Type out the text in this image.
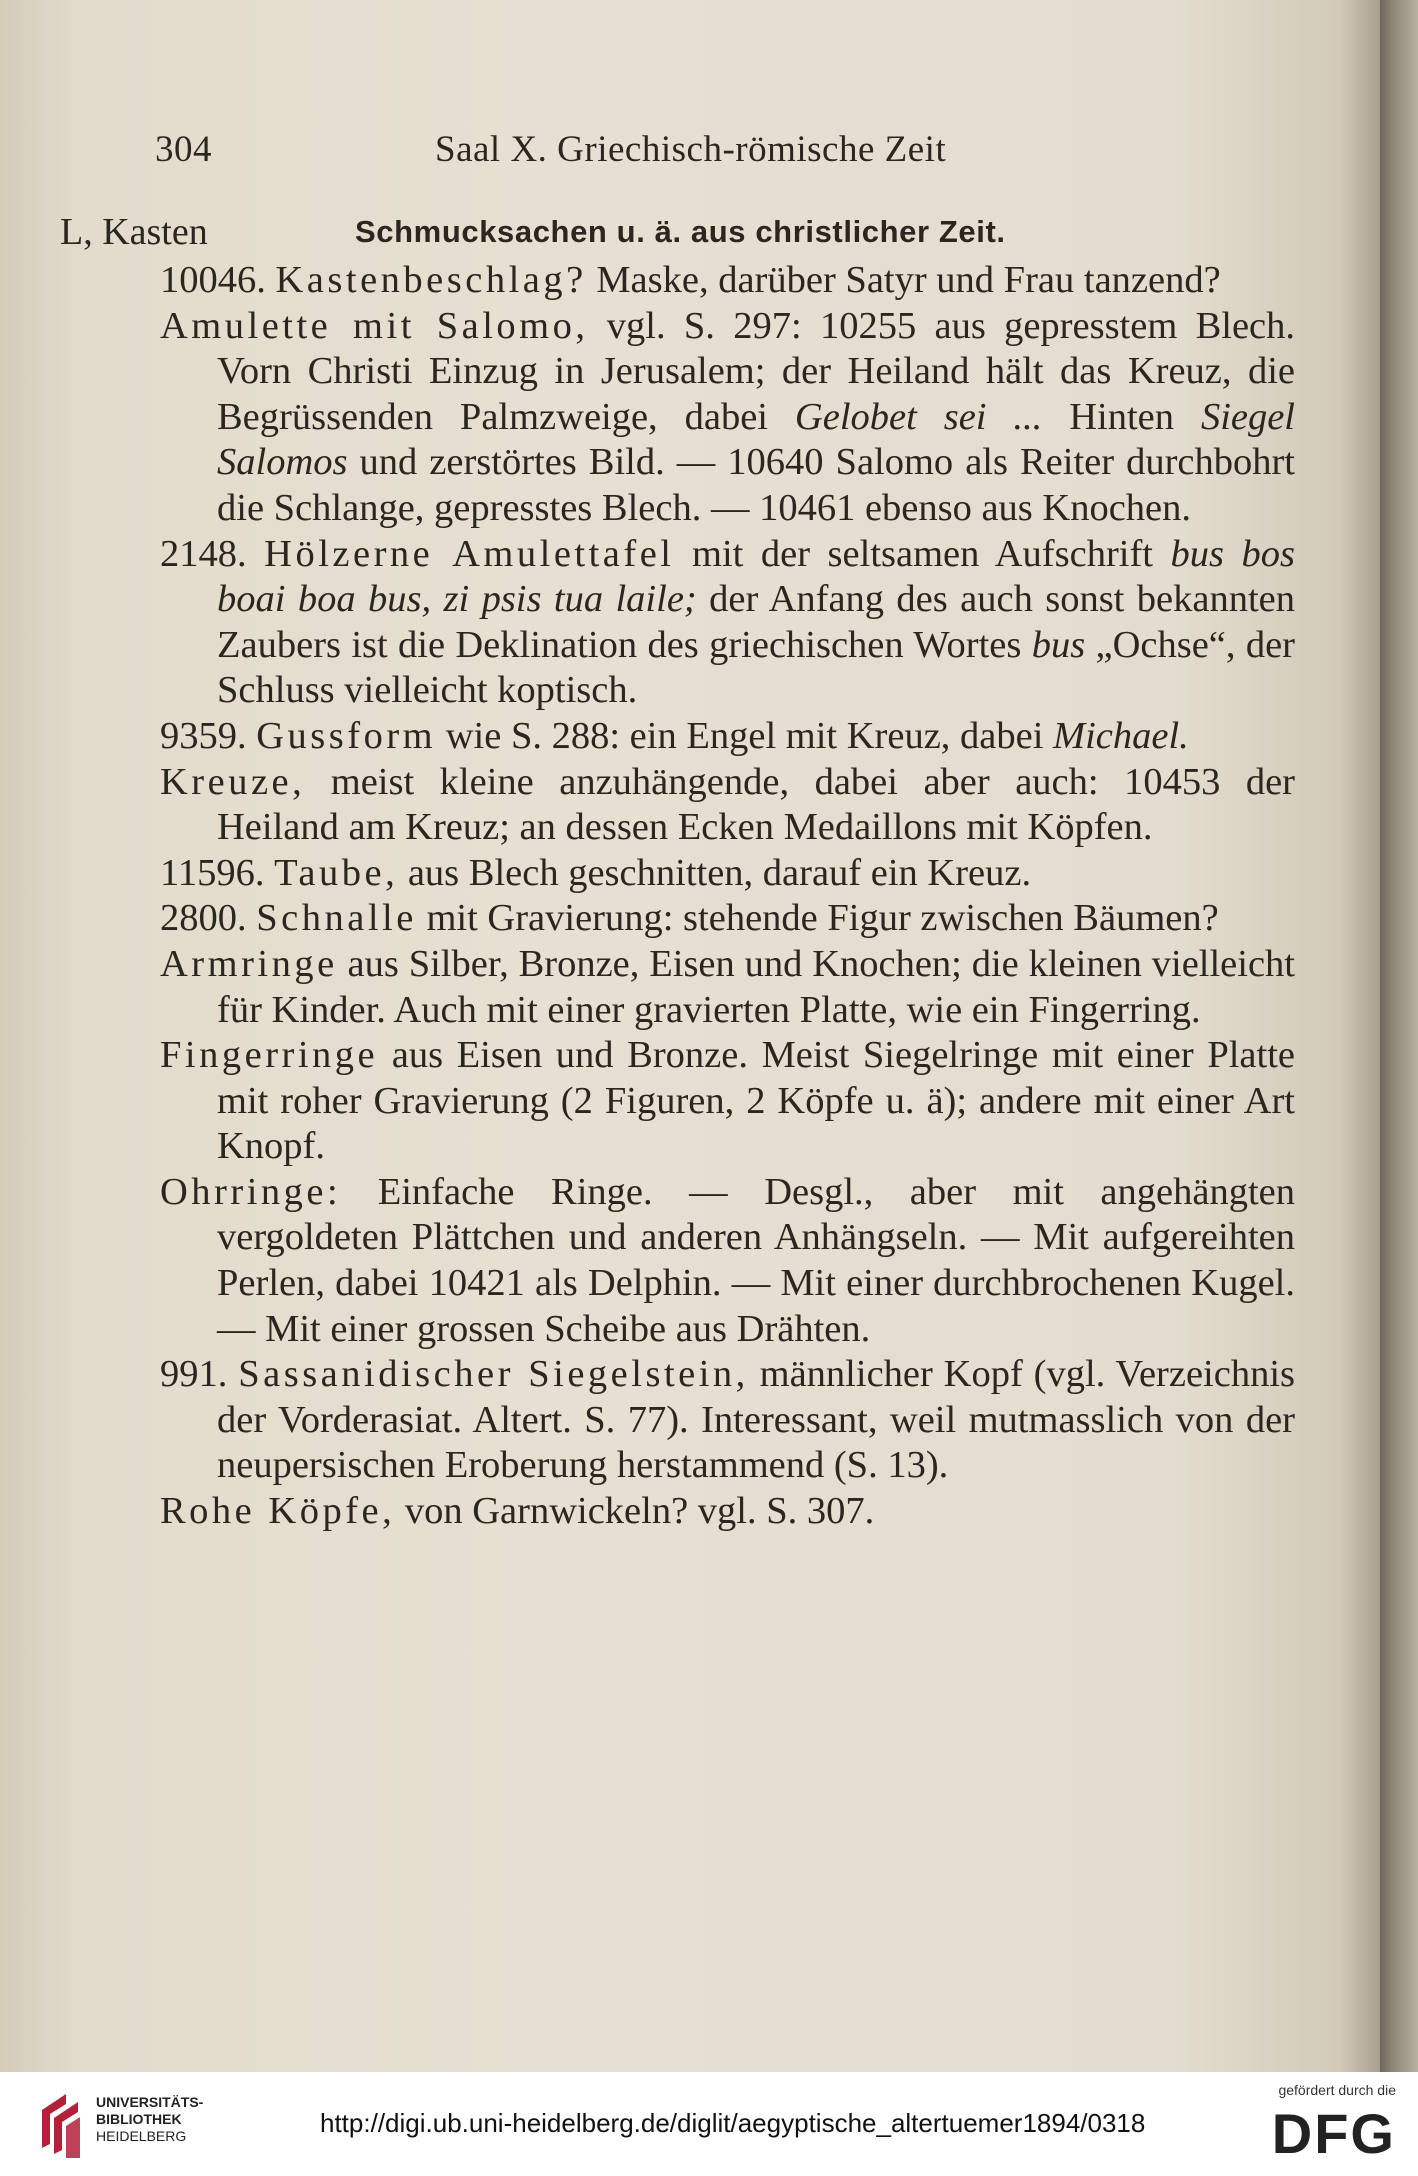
304	Saal X. Griechisch-römische Zeit
L, Kasten	Schmucksachen u. ä. aus christlicher Zeit.

10046. Kastenbeschlag? Maske, darüber Satyr und Frau tanzend?

Amulette mit Salomo, vgl. S. 297: 10255 aus gepresstem Blech. Vorn Christi Einzug in Jerusalem; der Heiland hält das Kreuz, die Begrüssenden Palmzweige, dabei Gelobet sei ... Hinten Siegel Salomos und zerstörtes Bild. — 10640 Salomo als Reiter durchbohrt die Schlange, gepresstes Blech. — 10461 ebenso aus Knochen.

2148. Hölzerne Amulettafel mit der seltsamen Aufschrift bus bos boai boa bus, zi psis tua laile; der Anfang des auch sonst bekannten Zaubers ist die Deklination des griechischen Wortes bus „Ochse“, der Schluss vielleicht koptisch.

9359. Gussform wie S. 288: ein Engel mit Kreuz, dabei Michael.

Kreuze, meist kleine anzuhängende, dabei aber auch: 10453 der Heiland am Kreuz; an dessen Ecken Medaillons mit Köpfen.

11596. Taube, aus Blech geschnitten, darauf ein Kreuz.

2800. Schnalle mit Gravierung: stehende Figur zwischen Bäumen?

Armringe aus Silber, Bronze, Eisen und Knochen; die kleinen vielleicht für Kinder. Auch mit einer gravierten Platte, wie ein Fingerring.

Fingerringe aus Eisen und Bronze. Meist Siegelringe mit einer Platte mit roher Gravierung (2 Figuren, 2 Köpfe u. ä); andere mit einer Art Knopf.

Ohrringe: Einfache Ringe. — Desgl., aber mit angehängten vergoldeten Plättchen und anderen Anhängseln. — Mit aufgereihten Perlen, dabei 10421 als Delphin. — Mit einer durchbrochenen Kugel. — Mit einer grossen Scheibe aus Drähten.

991. Sassanidischer Siegelstein, männlicher Kopf (vgl. Verzeichnis der Vorderasiat. Altert. S. 77). Interessant, weil mutmasslich von der neupersischen Eroberung herstammend (S. 13).

Rohe Köpfe, von Garnwickeln? vgl. S. 307.

UNIVERSITÄTS-
BIBLIOTHEK
HEIDELBERG	http://digi.ub.uni-heidelberg.de/diglit/aegyptische_altertuemer1894/0318
gefördert durch die
DFG
